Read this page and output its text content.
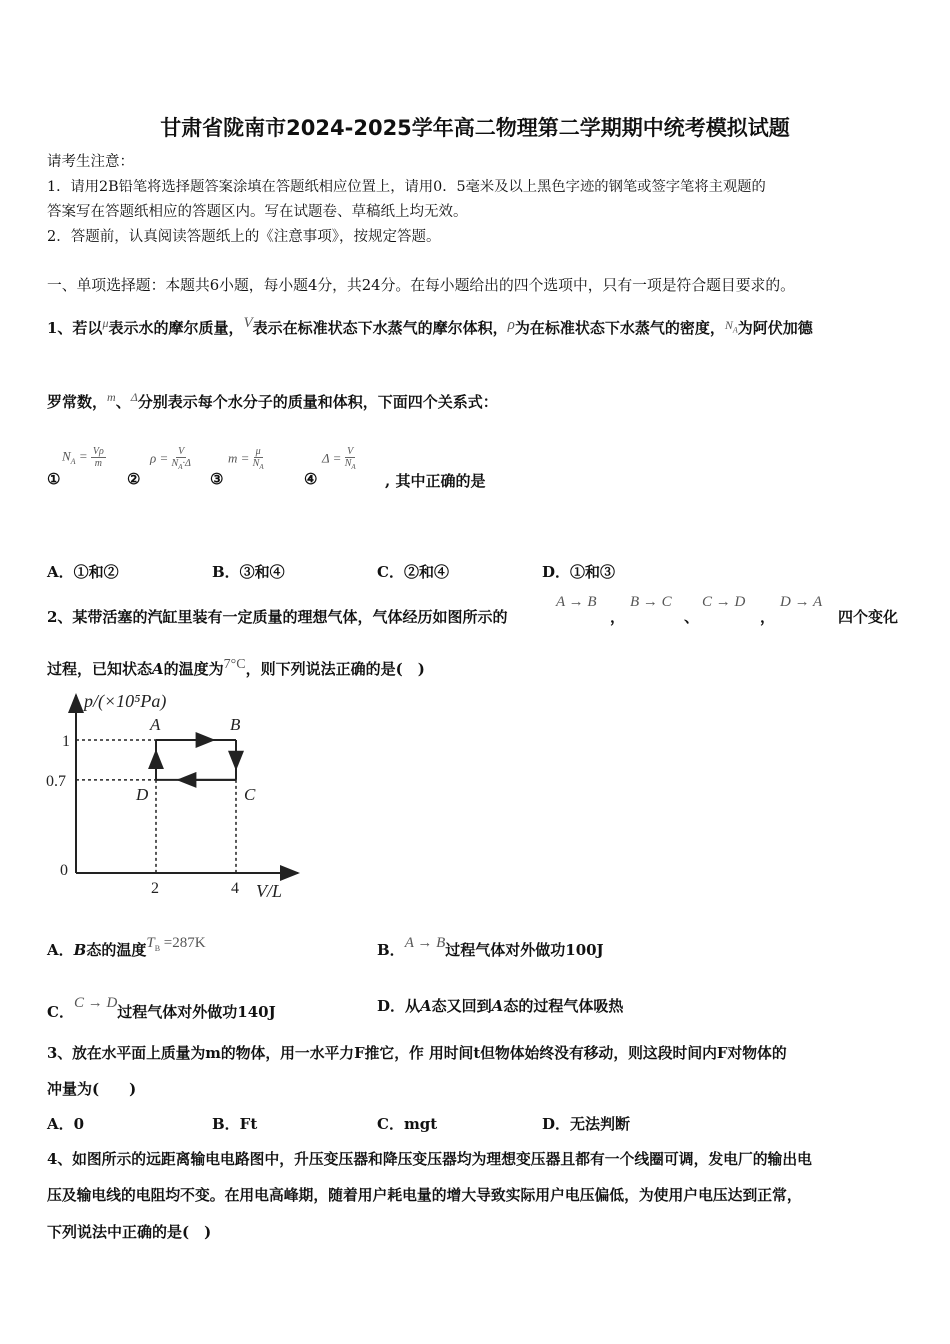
甘肃省陇南市2024-2025学年高二物理第二学期期中统考模拟试题
请考生注意：
1．请用2B铅笔将选择题答案涂填在答题纸相应位置上，请用0．5毫米及以上黑色字迹的钢笔或签字笔将主观题的
答案写在答题纸相应的答题区内。写在试题卷、草稿纸上均无效。
2．答题前，认真阅读答题纸上的《注意事项》，按规定答题。
一、单项选择题：本题共6小题，每小题4分，共24分。在每小题给出的四个选项中，只有一项是符合题目要求的。
1、若以$^\mu$表示水的摩尔质量，V表示在标准状态下水蒸气的摩尔体积，ρ为在标准状态下水蒸气的密度，$^{N_A}$为阿伏加德
罗常数，$^m$、$^\Delta$分别表示每个水分子的质量和体积，下面四个关系式：
①
$N_A = \frac{V\rho}{m}$
②
$\rho = \frac{V}{N_A\cdot\Delta}$
③
$m = \frac{\mu}{N_A}$
④
$\Delta = \frac{V}{N_A}$
, 其中正确的是
A．①和②	B．③和④	C．②和④	D．①和③
2、某带活塞的汽缸里装有一定质量的理想气体，气体经历如图所示的
A → B
，
B → C
、
C → D
，
D → A
四个变化
过程，已知状态A的温度为7°C，则下列说法正确的是(　)
p/(×10⁵Pa)
V/L
0
0.7
1
2	4
A	B
C
D
A．B态的温度$T_B =287K$	B．A → B过程气体对外做功100J
C．C → D过程气体对外做功140J	D．从A态又回到A态的过程气体吸热
3、放在水平面上质量为m的物体，用一水平力F推它，作 用时间t但物体始终没有移动，则这段时间内F对物体的
冲量为(　　)
A．0	B．Ft	C．mgt	D．无法判断
4、如图所示的远距离输电电路图中，升压变压器和降压变压器均为理想变压器且都有一个线圈可调，发电厂的输出电
压及输电线的电阻均不变。在用电高峰期，随着用户耗电量的增大导致实际用户电压偏低，为使用户电压达到正常，
下列说法中正确的是(　)
